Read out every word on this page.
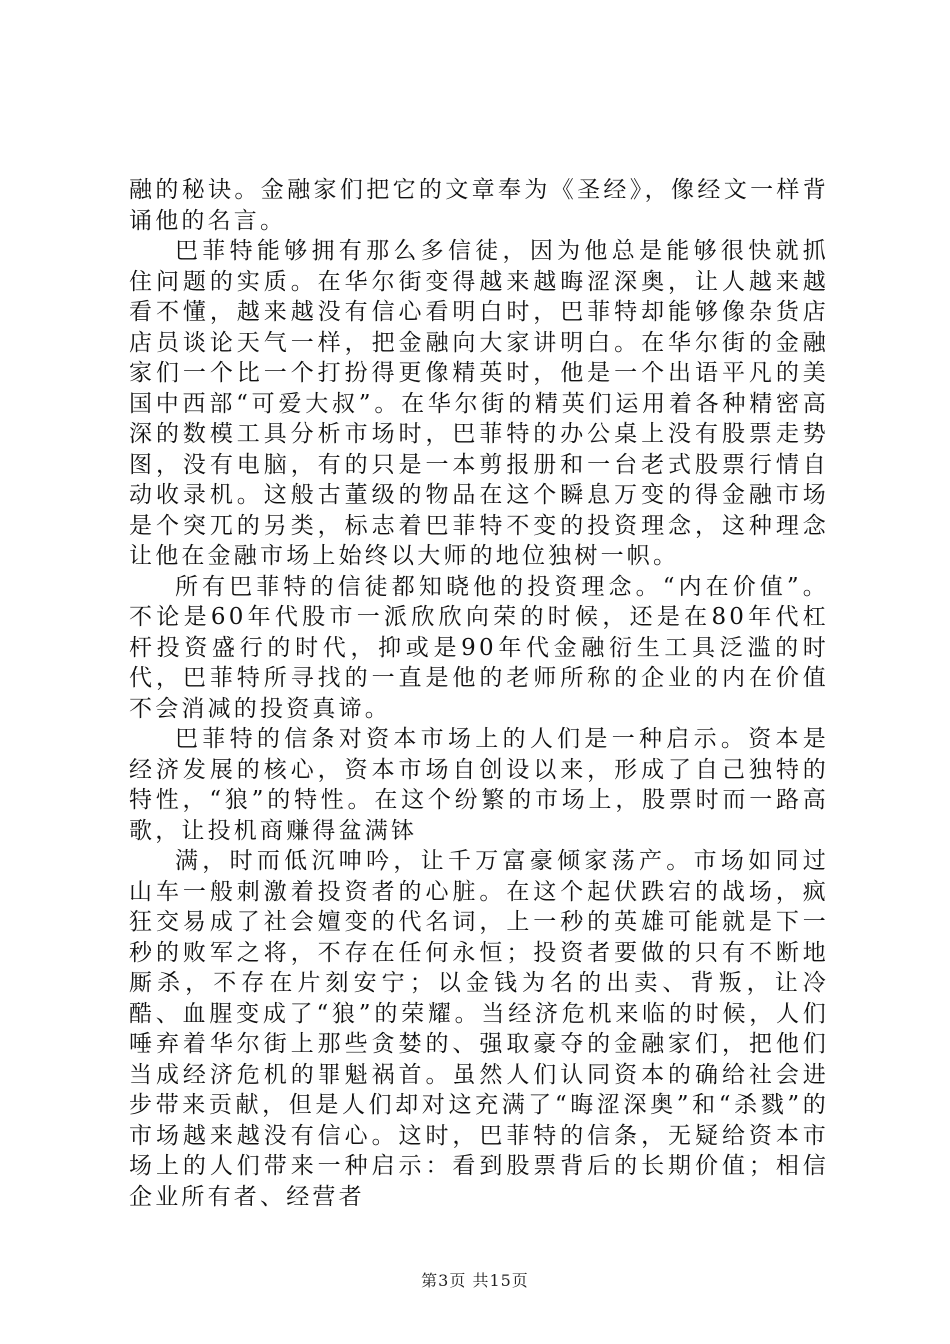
融的秘诀。金融家们把它的文章奉为《圣经》，像经文一样背诵他的名言。

巴菲特能够拥有那么多信徒，因为他总是能够很快就抓住问题的实质。在华尔街变得越来越晦涩深奥，让人越来越看不懂，越来越没有信心看明白时，巴菲特却能够像杂货店店员谈论天气一样，把金融向大家讲明白。在华尔街的金融家们一个比一个打扮得更像精英时，他是一个出语平凡的美国中西部“可爱大叔”。在华尔街的精英们运用着各种精密高深的数模工具分析市场时，巴菲特的办公桌上没有股票走势图，没有电脑，有的只是一本剪报册和一台老式股票行情自动收录机。这般古董级的物品在这个瞬息万变的得金融市场是个突兀的另类，标志着巴菲特不变的投资理念，这种理念让他在金融市场上始终以大师的地位独树一帜。

所有巴菲特的信徒都知晓他的投资理念。“内在价值”。不论是60年代股市一派欣欣向荣的时候，还是在80年代杠杆投资盛行的时代，抑或是90年代金融衍生工具泛滥的时代，巴菲特所寻找的一直是他的老师所称的企业的内在价值不会消减的投资真谛。

巴菲特的信条对资本市场上的人们是一种启示。资本是经济发展的核心，资本市场自创设以来，形成了自己独特的特性，“狼”的特性。在这个纷繁的市场上，股票时而一路高歌，让投机商赚得盆满钵

满，时而低沉呻吟，让千万富豪倾家荡产。市场如同过山车一般刺激着投资者的心脏。在这个起伏跌宕的战场，疯狂交易成了社会嬗变的代名词，上一秒的英雄可能就是下一秒的败军之将，不存在任何永恒；投资者要做的只有不断地厮杀，不存在片刻安宁；以金钱为名的出卖、背叛，让冷酷、血腥变成了“狼”的荣耀。当经济危机来临的时候，人们唾弃着华尔街上那些贪婪的、强取豪夺的金融家们，把他们当成经济危机的罪魁祸首。虽然人们认同资本的确给社会进步带来贡献，但是人们却对这充满了“晦涩深奥”和“杀戮”的市场越来越没有信心。这时，巴菲特的信条，无疑给资本市场上的人们带来一种启示：看到股票背后的长期价值；相信企业所有者、经营者

第3页 共15页
